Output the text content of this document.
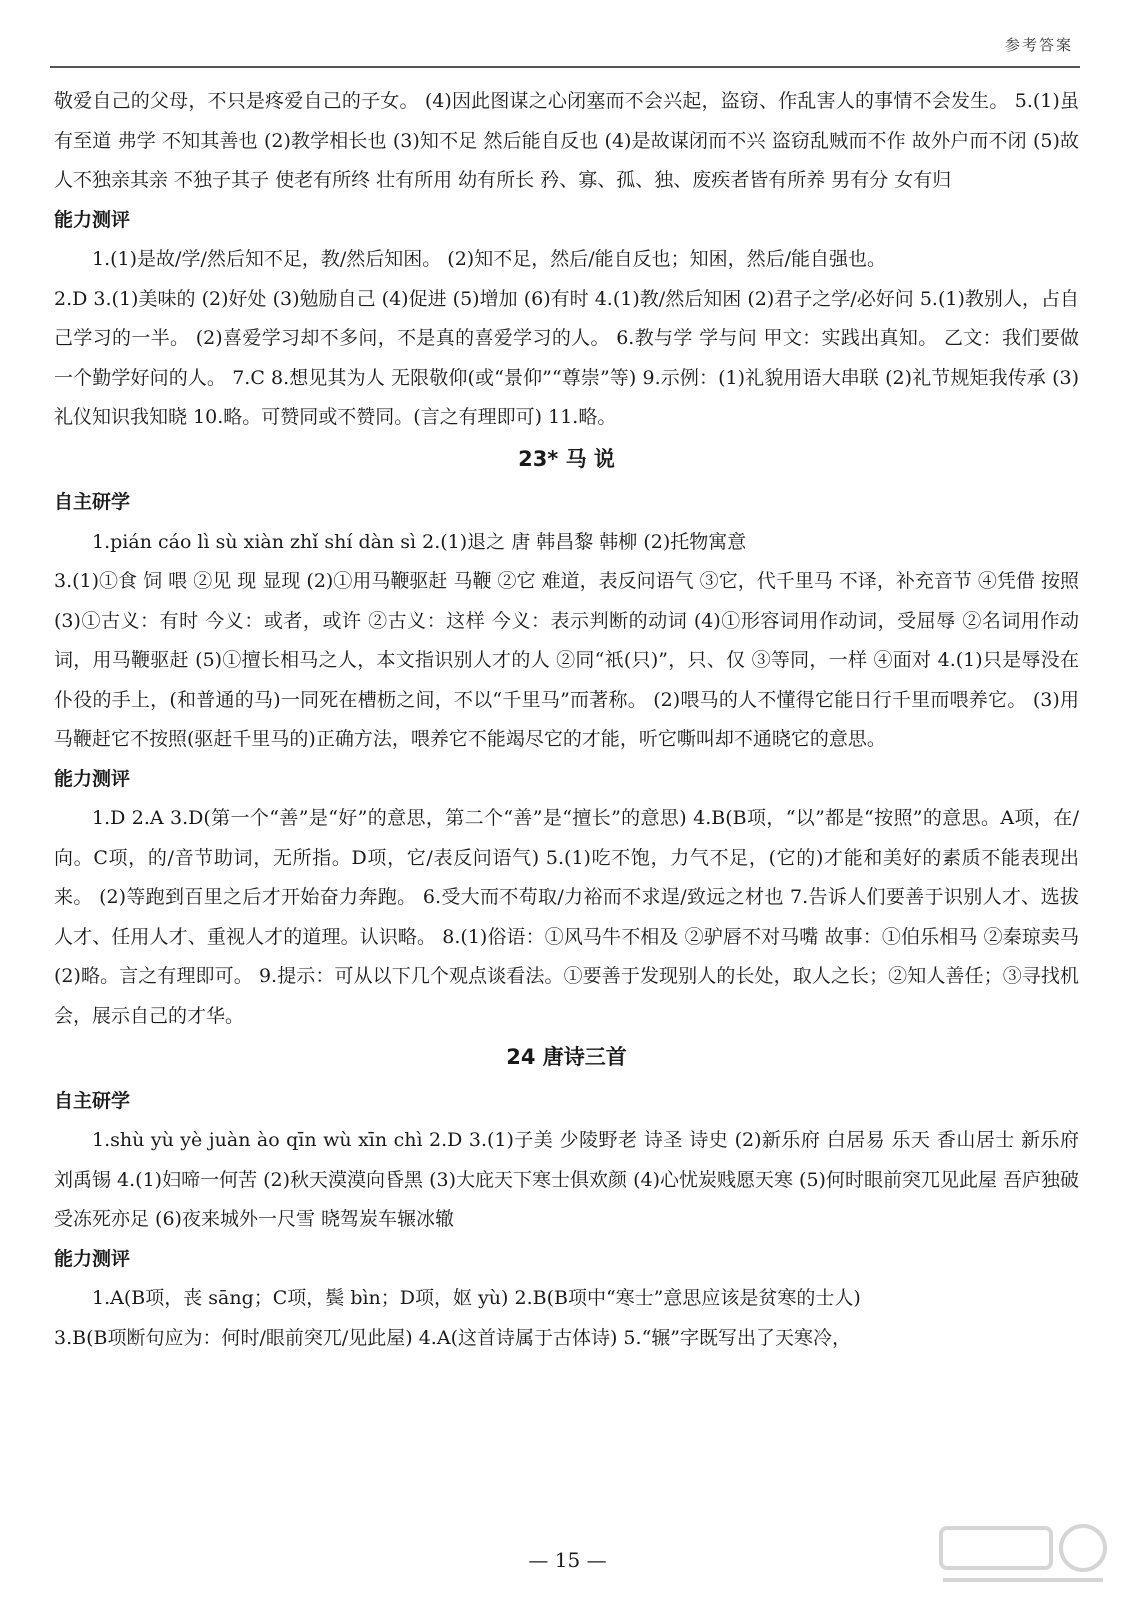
参考答案

敬爱自己的父母，不只是疼爱自己的子女。 (4)因此图谋之心闭塞而不会兴起，盗窃、作乱害人的事情不会发生。 5.(1)虽有至道 弗学 不知其善也 (2)教学相长也 (3)知不足 然后能自反也 (4)是故谋闭而不兴 盗窃乱贼而不作 故外户而不闭 (5)故人不独亲其亲 不独子其子 使老有所终 壮有所用 幼有所长 矜、寡、孤、独、废疾者皆有所养 男有分 女有归

能力测评

1.(1)是故/学/然后知不足，教/然后知困。 (2)知不足，然后/能自反也；知困，然后/能自强也。

2.D 3.(1)美味的 (2)好处 (3)勉励自己 (4)促进 (5)增加 (6)有时 4.(1)教/然后知困 (2)君子之学/必好问 5.(1)教别人，占自己学习的一半。 (2)喜爱学习却不多问，不是真的喜爱学习的人。 6.教与学 学与问 甲文：实践出真知。 乙文：我们要做一个勤学好问的人。 7.C 8.想见其为人 无限敬仰(或“景仰”“尊崇”等) 9.示例：(1)礼貌用语大串联 (2)礼节规矩我传承 (3)礼仪知识我知晓 10.略。可赞同或不赞同。(言之有理即可) 11.略。

23* 马 说

自主研学

1.pián cáo lì sù xiàn zhǐ shí dàn sì 2.(1)退之 唐 韩昌黎 韩柳 (2)托物寓意

3.(1)①食 饲 喂 ②见 现 显现 (2)①用马鞭驱赶 马鞭 ②它 难道，表反问语气 ③它，代千里马 不译，补充音节 ④凭借 按照 (3)①古义：有时 今义：或者，或许 ②古义：这样 今义：表示判断的动词 (4)①形容词用作动词，受屈辱 ②名词用作动词，用马鞭驱赶 (5)①擅长相马之人，本文指识别人才的人 ②同“祇(只)”，只、仅 ③等同，一样 ④面对 4.(1)只是辱没在仆役的手上，(和普通的马)一同死在槽枥之间，不以“千里马”而著称。 (2)喂马的人不懂得它能日行千里而喂养它。 (3)用马鞭赶它不按照(驱赶千里马的)正确方法，喂养它不能竭尽它的才能，听它嘶叫却不通晓它的意思。

能力测评

1.D 2.A 3.D(第一个“善”是“好”的意思，第二个“善”是“擅长”的意思) 4.B(B项，“以”都是“按照”的意思。A项，在/向。C项，的/音节助词，无所指。D项，它/表反问语气) 5.(1)吃不饱，力气不足，(它的)才能和美好的素质不能表现出来。 (2)等跑到百里之后才开始奋力奔跑。 6.受大而不苟取/力裕而不求逞/致远之材也 7.告诉人们要善于识别人才、选拔人才、任用人才、重视人才的道理。认识略。 8.(1)俗语：①风马牛不相及 ②驴唇不对马嘴 故事：①伯乐相马 ②秦琼卖马 (2)略。言之有理即可。 9.提示：可从以下几个观点谈看法。①要善于发现别人的长处，取人之长；②知人善任；③寻找机会，展示自己的才华。

24 唐诗三首

自主研学

1.shù yù yè juàn ào qīn wù xīn chì 2.D 3.(1)子美 少陵野老 诗圣 诗史 (2)新乐府 白居易 乐天 香山居士 新乐府 刘禹锡 4.(1)妇啼一何苦 (2)秋天漠漠向昏黑 (3)大庇天下寒士俱欢颜 (4)心忧炭贱愿天寒 (5)何时眼前突兀见此屋 吾庐独破受冻死亦足 (6)夜来城外一尺雪 晓驾炭车辗冰辙

能力测评

1.A(B项，丧 sāng；C项，鬓 bìn；D项，妪 yù) 2.B(B项中“寒士”意思应该是贫寒的士人)

3.B(B项断句应为：何时/眼前突兀/见此屋) 4.A(这首诗属于古体诗) 5.“辗”字既写出了天寒冷，

— 15 —
